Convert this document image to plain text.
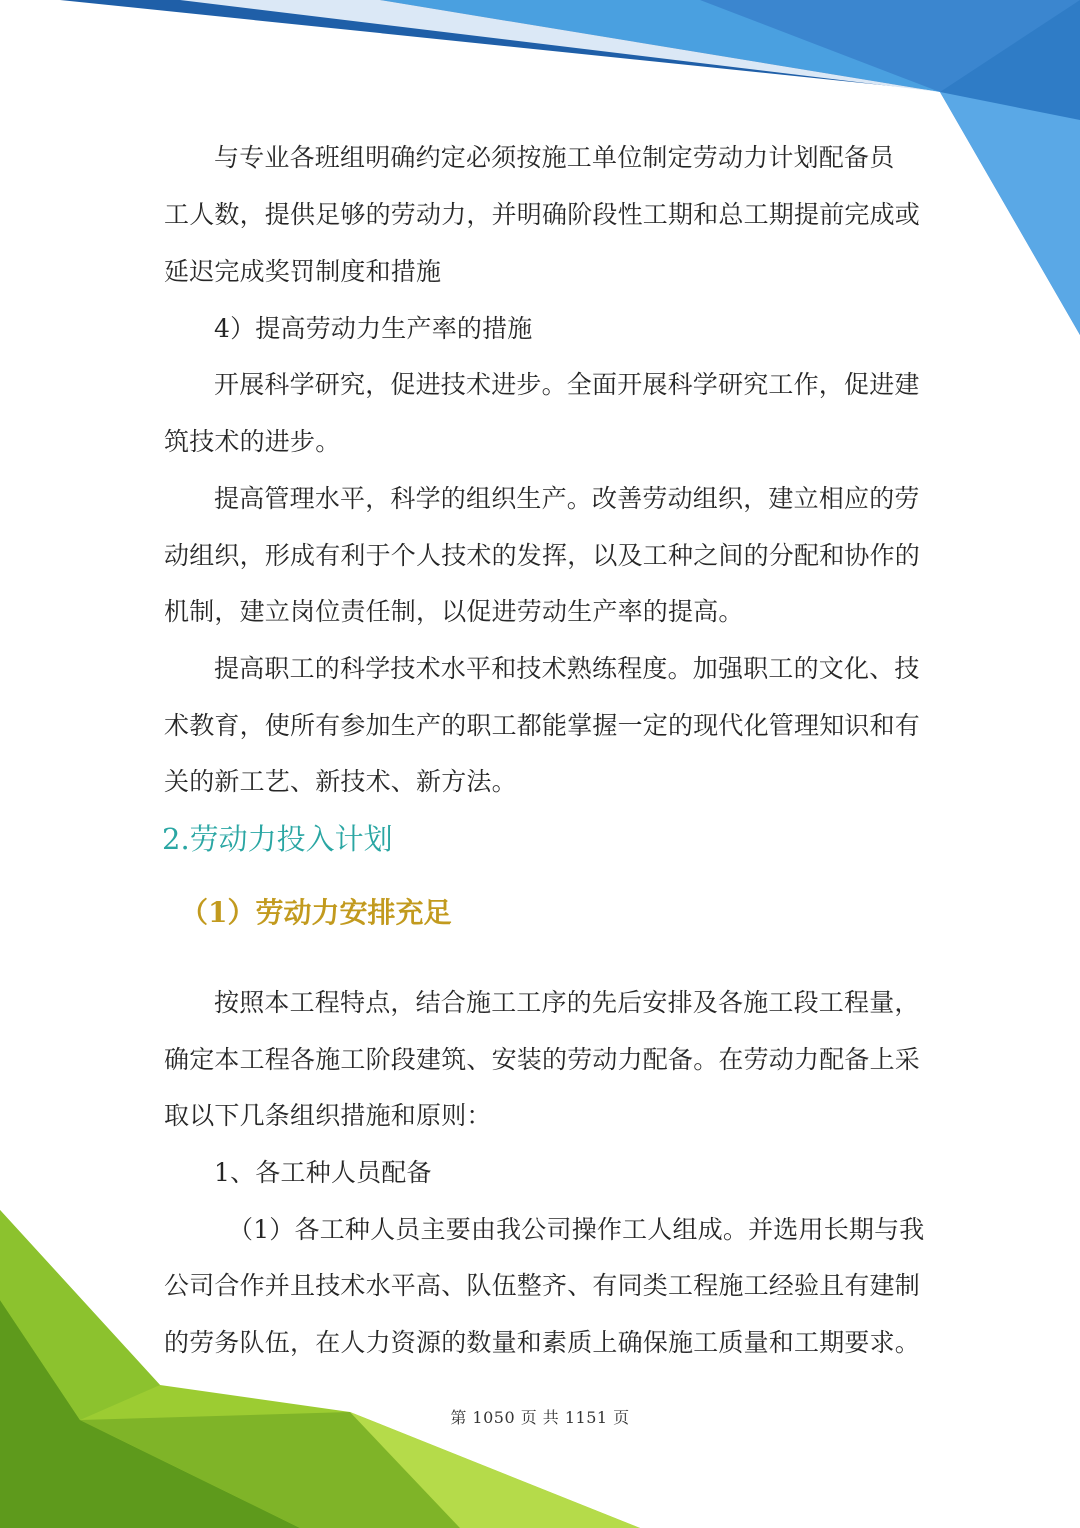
与专业各班组明确约定必须按施工单位制定劳动力计划配备员

工人数，提供足够的劳动力，并明确阶段性工期和总工期提前完成或

延迟完成奖罚制度和措施

4）提高劳动力生产率的措施

开展科学研究，促进技术进步。全面开展科学研究工作，促进建

筑技术的进步。

提高管理水平，科学的组织生产。改善劳动组织，建立相应的劳

动组织，形成有利于个人技术的发挥，以及工种之间的分配和协作的

机制，建立岗位责任制，以促进劳动生产率的提高。

提高职工的科学技术水平和技术熟练程度。加强职工的文化、技

术教育，使所有参加生产的职工都能掌握一定的现代化管理知识和有

关的新工艺、新技术、新方法。

2.劳动力投入计划
（1）劳动力安排充足

按照本工程特点，结合施工工序的先后安排及各施工段工程量，

确定本工程各施工阶段建筑、安装的劳动力配备。在劳动力配备上采

取以下几条组织措施和原则：

1、各工种人员配备

（1）各工种人员主要由我公司操作工人组成。并选用长期与我

公司合作并且技术水平高、队伍整齐、有同类工程施工经验且有建制

的劳务队伍，在人力资源的数量和素质上确保施工质量和工期要求。

第 1050 页 共 1151 页
小红书
小红书号 4186496...
